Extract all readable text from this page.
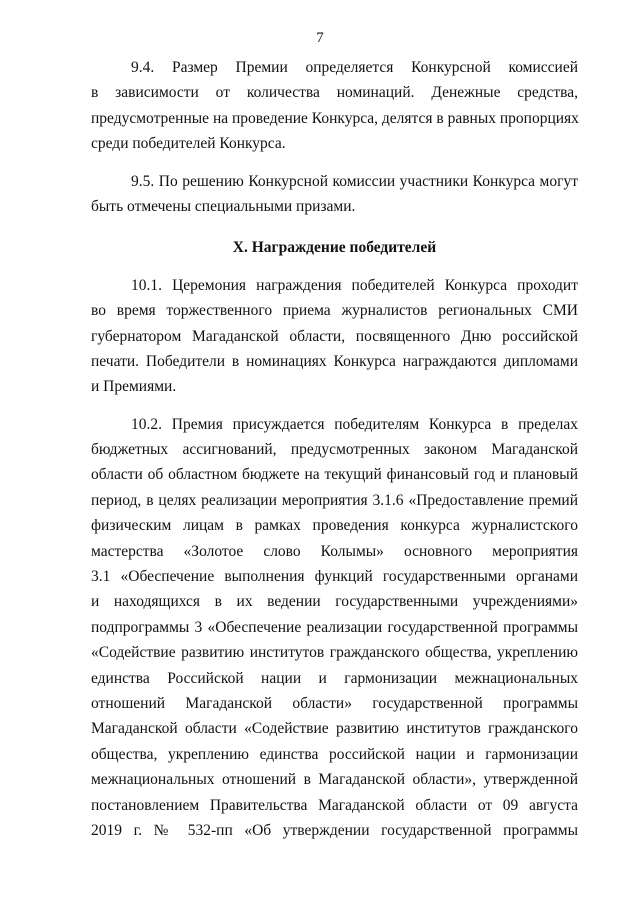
7
9.4. Размер Премии определяется Конкурсной комиссией
в зависимости от количества номинаций. Денежные средства,
предусмотренные на проведение Конкурса, делятся в равных пропорциях
среди победителей Конкурса.
9.5. По решению Конкурсной комиссии участники Конкурса могут
быть отмечены специальными призами.
X. Награждение победителей
10.1. Церемония награждения победителей Конкурса проходит
во время торжественного приема журналистов региональных СМИ
губернатором Магаданской области, посвященного Дню российской
печати. Победители в номинациях Конкурса награждаются дипломами
и Премиями.
10.2. Премия присуждается победителям Конкурса в пределах
бюджетных ассигнований, предусмотренных законом Магаданской
области об областном бюджете на текущий финансовый год и плановый
период, в целях реализации мероприятия 3.1.6 «Предоставление премий
физическим лицам в рамках проведения конкурса журналистского
мастерства «Золотое слово Колымы» основного мероприятия
3.1 «Обеспечение выполнения функций государственными органами
и находящихся в их ведении государственными учреждениями»
подпрограммы 3 «Обеспечение реализации государственной программы
«Содействие развитию институтов гражданского общества, укреплению
единства Российской нации и гармонизации межнациональных
отношений Магаданской области» государственной программы
Магаданской области «Содействие развитию институтов гражданского
общества, укреплению единства российской нации и гармонизации
межнациональных отношений в Магаданской области», утвержденной
постановлением Правительства Магаданской области от 09 августа
2019 г. № 532-пп «Об утверждении государственной программы
